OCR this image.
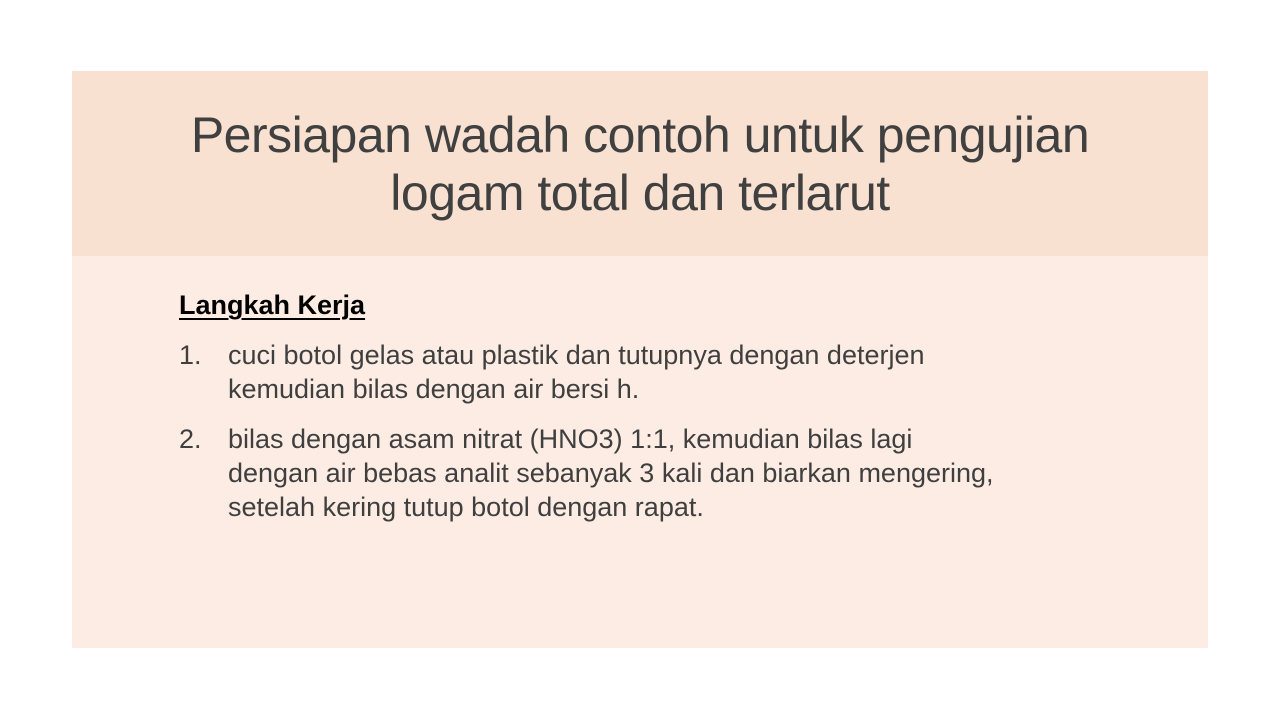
Persiapan wadah contoh untuk pengujian
logam total dan terlarut
Langkah Kerja
1. cuci botol gelas atau plastik dan tutupnya dengan deterjen kemudian bilas dengan air bersi h.
2. bilas dengan asam nitrat (HNO3) 1:1, kemudian bilas lagi dengan air bebas analit sebanyak 3 kali dan biarkan mengering, setelah kering tutup botol dengan rapat.
